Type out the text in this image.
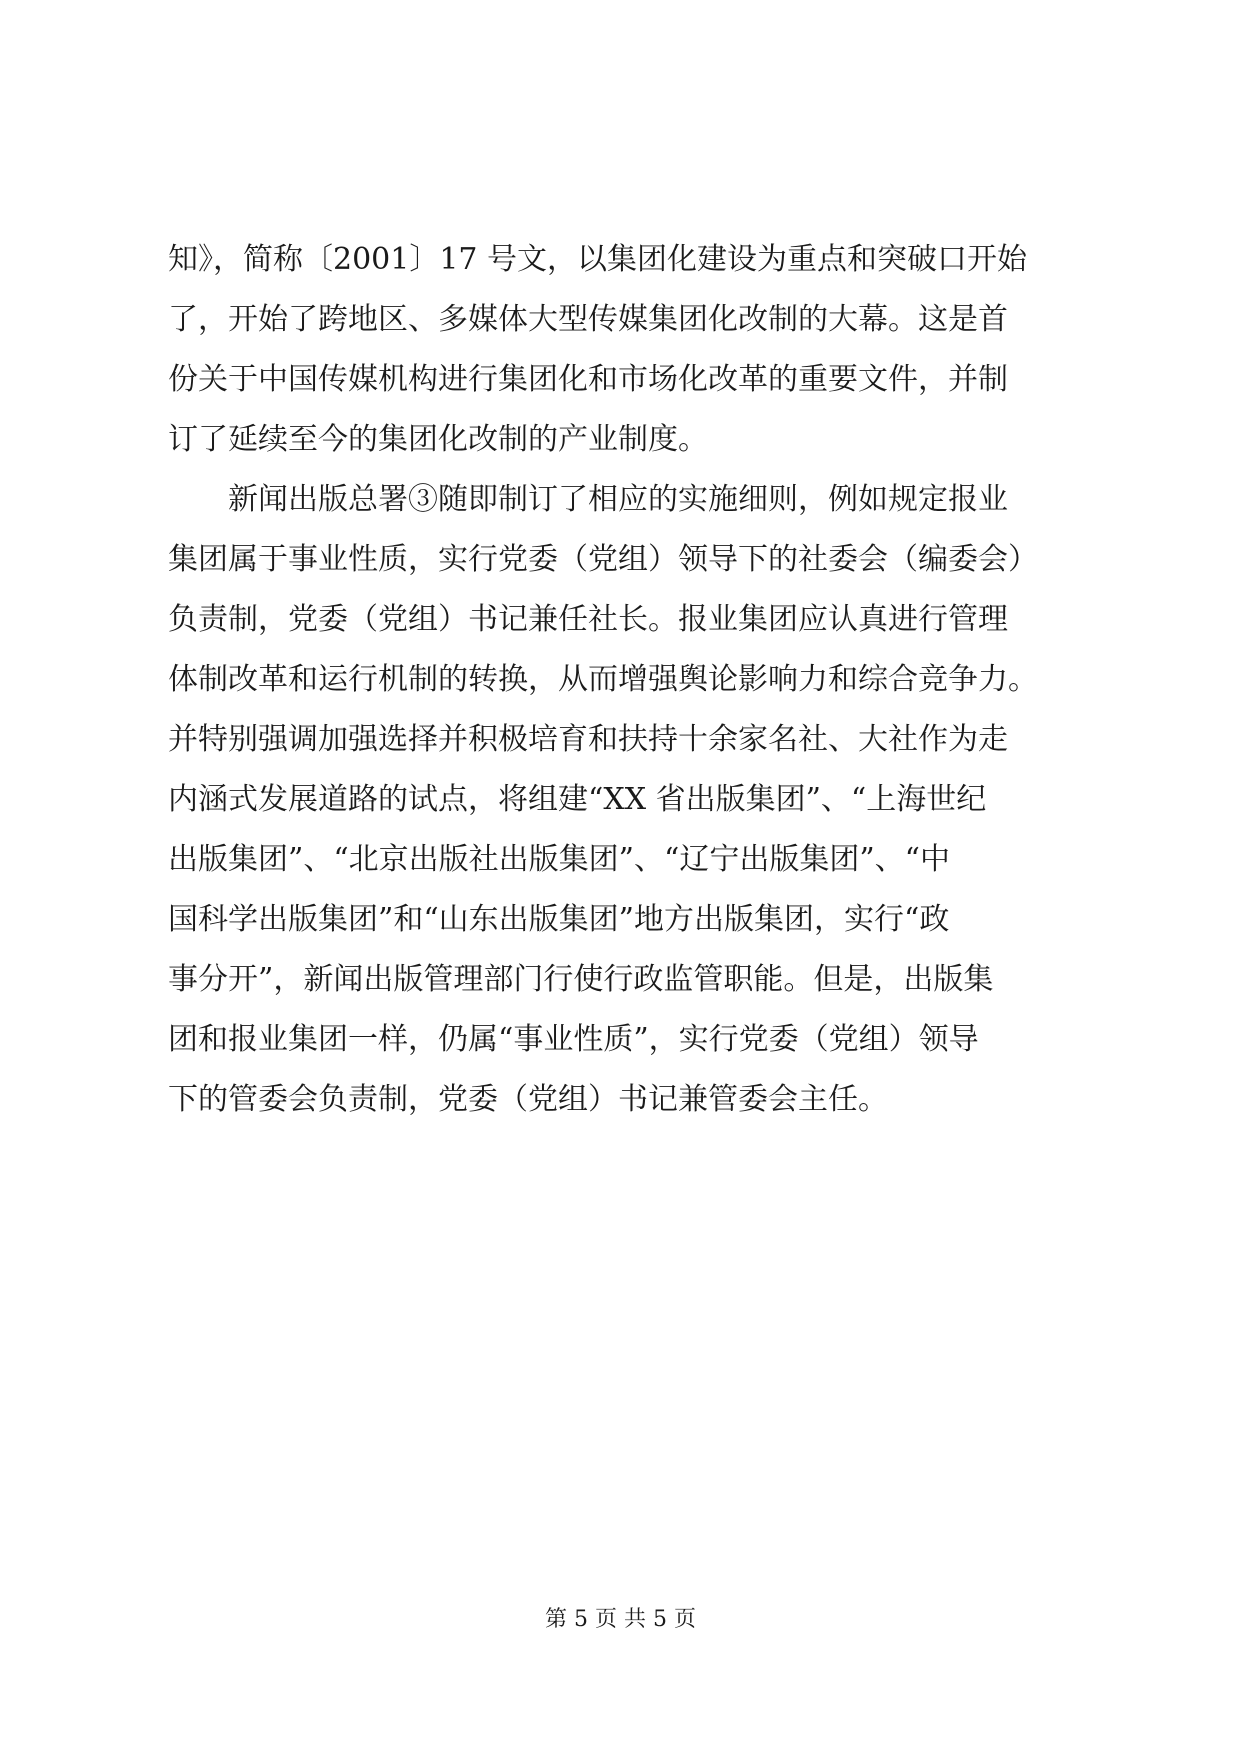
知》，简称〔2001〕17 号文，以集团化建设为重点和突破口开始
了，开始了跨地区、多媒体大型传媒集团化改制的大幕。这是首
份关于中国传媒机构进行集团化和市场化改革的重要文件，并制
订了延续至今的集团化改制的产业制度。
　　新闻出版总署③随即制订了相应的实施细则，例如规定报业
集团属于事业性质，实行党委（党组）领导下的社委会（编委会）
负责制，党委（党组）书记兼任社长。报业集团应认真进行管理
体制改革和运行机制的转换，从而增强舆论影响力和综合竞争力。
并特别强调加强选择并积极培育和扶持十余家名社、大社作为走
内涵式发展道路的试点，将组建“XX 省出版集团”、“上海世纪
出版集团”、“北京出版社出版集团”、“辽宁出版集团”、“中
国科学出版集团”和“山东出版集团”地方出版集团，实行“政
事分开”，新闻出版管理部门行使行政监管职能。但是，出版集
团和报业集团一样，仍属“事业性质”，实行党委（党组）领导
下的管委会负责制，党委（党组）书记兼管委会主任。
第 5 页 共 5 页
